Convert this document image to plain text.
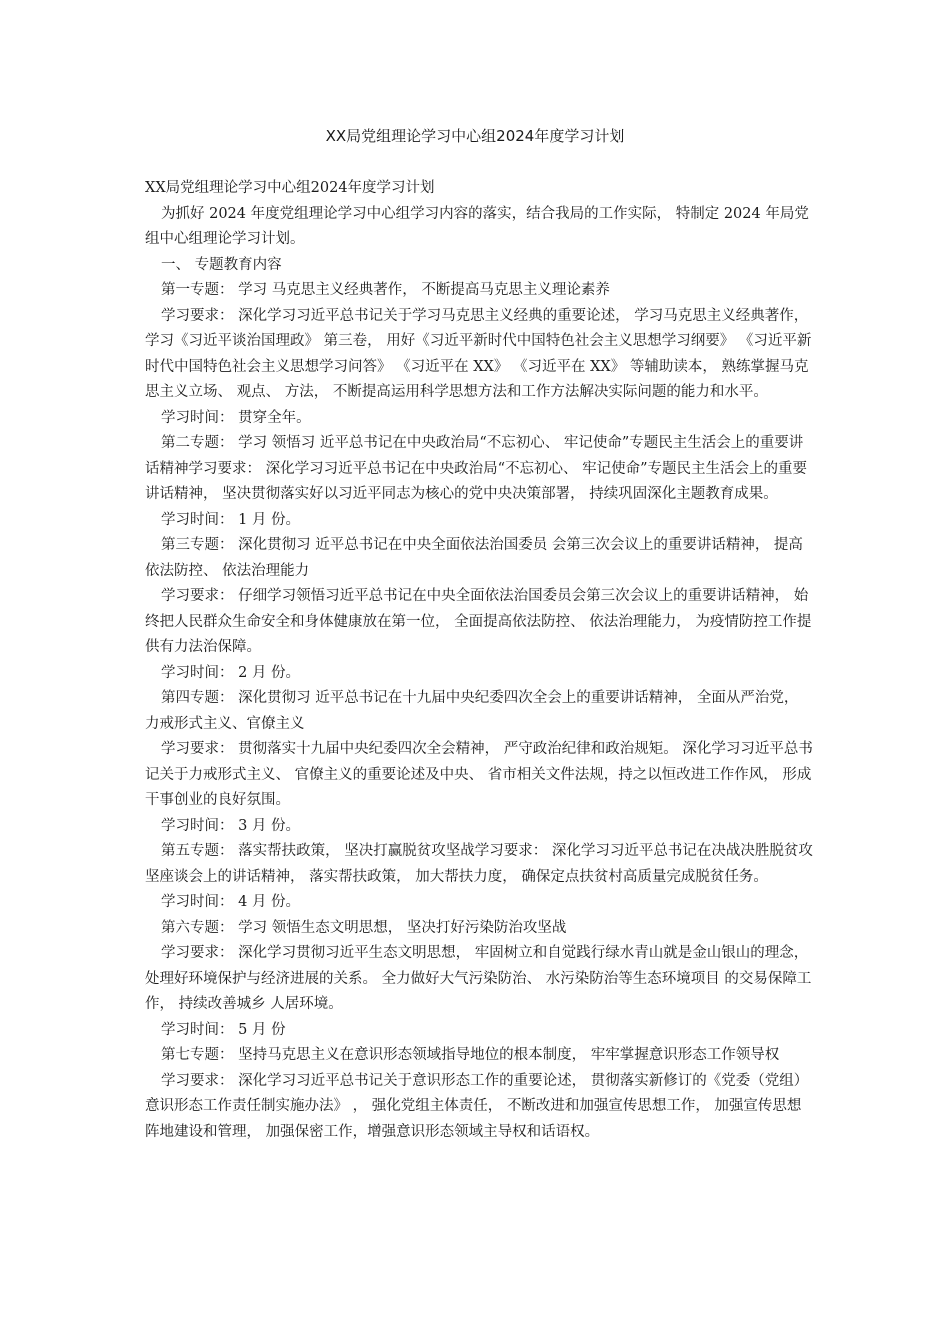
XX局党组理论学习中心组2024年度学习计划

XX局党组理论学习中心组2024年度学习计划

为抓好 2024 年度党组理论学习中心组学习内容的落实，结合我局的工作实际， 特制定 2024 年局党组中心组理论学习计划。

一、 专题教育内容

第一专题： 学习 马克思主义经典著作， 不断提高马克思主义理论素养

学习要求： 深化学习习近平总书记关于学习马克思主义经典的重要论述， 学习马克思主义经典著作， 学习《习近平谈治国理政》 第三卷， 用好《习近平新时代中国特色社会主义思想学习纲要》 《习近平新时代中国特色社会主义思想学习问答》 《习近平在 XX》 《习近平在 XX》 等辅助读本， 熟练掌握马克思主义立场、 观点、 方法， 不断提高运用科学思想方法和工作方法解决实际问题的能力和水平。

学习时间： 贯穿全年。

第二专题： 学习 领悟习 近平总书记在中央政治局“不忘初心、 牢记使命”专题民主生活会上的重要讲话精神学习要求： 深化学习习近平总书记在中央政治局“不忘初心、 牢记使命”专题民主生活会上的重要讲话精神， 坚决贯彻落实好以习近平同志为核心的党中央决策部署， 持续巩固深化主题教育成果。

学习时间： 1 月 份。

第三专题： 深化贯彻习 近平总书记在中央全面依法治国委员 会第三次会议上的重要讲话精神， 提高依法防控、 依法治理能力

学习要求： 仔细学习领悟习近平总书记在中央全面依法治国委员会第三次会议上的重要讲话精神， 始终把人民群众生命安全和身体健康放在第一位， 全面提高依法防控、 依法治理能力， 为疫情防控工作提供有力法治保障。

学习时间： 2 月 份。

第四专题： 深化贯彻习 近平总书记在十九届中央纪委四次全会上的重要讲话精神， 全面从严治党， 力戒形式主义、官僚主义

学习要求： 贯彻落实十九届中央纪委四次全会精神， 严守政治纪律和政治规矩。 深化学习习近平总书记关于力戒形式主义、 官僚主义的重要论述及中央、 省市相关文件法规，持之以恒改进工作作风， 形成干事创业的良好氛围。

学习时间： 3 月 份。

第五专题： 落实帮扶政策， 坚决打赢脱贫攻坚战学习要求： 深化学习习近平总书记在决战决胜脱贫攻坚座谈会上的讲话精神， 落实帮扶政策， 加大帮扶力度， 确保定点扶贫村高质量完成脱贫任务。

学习时间： 4 月 份。

第六专题： 学习 领悟生态文明思想， 坚决打好污染防治攻坚战

学习要求： 深化学习贯彻习近平生态文明思想， 牢固树立和自觉践行绿水青山就是金山银山的理念， 处理好环境保护与经济进展的关系。 全力做好大气污染防治、 水污染防治等生态环境项目 的交易保障工作， 持续改善城乡 人居环境。

学习时间： 5 月 份

第七专题： 坚持马克思主义在意识形态领域指导地位的根本制度， 牢牢掌握意识形态工作领导权

学习要求： 深化学习习近平总书记关于意识形态工作的重要论述， 贯彻落实新修订的《党委（党组） 意识形态工作责任制实施办法》 ， 强化党组主体责任， 不断改进和加强宣传思想工作， 加强宣传思想阵地建设和管理， 加强保密工作，增强意识形态领域主导权和话语权。
